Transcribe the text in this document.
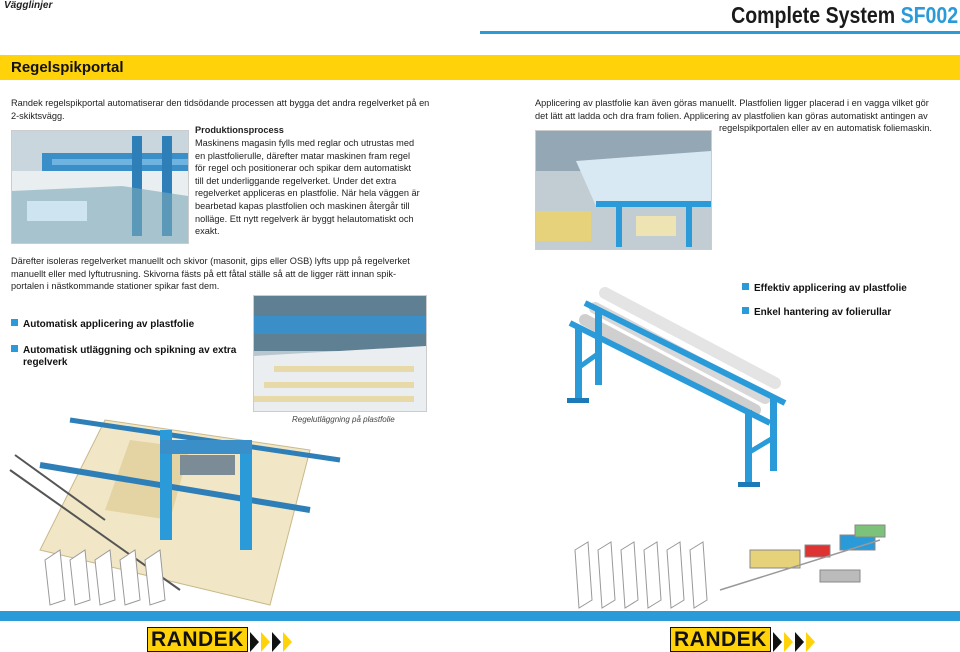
Vägglinjer	Complete System SF002
Regelspikportal
Randek regelspikportal automatiserar den tidsödande processen att bygga det andra regelverket på en 2-skiktsvägg.
Produktionsprocess
Maskinens magasin fylls med reglar och utrustas med
en plastfolierulle, därefter matar maskinen fram regel
för regel och positionerar och spikar dem automatiskt
till det underliggande regelverket. Under det extra
regelverket appliceras en plastfolie. När hela väggen är
bearbetad kapas plastfolien och maskinen återgår till
nolläge. Ett nytt regelverk är byggt helautomatiskt och
exakt.
Därefter isoleras regelverket manuellt och skivor (masonit, gips eller OSB) lyfts upp på regelverket
manuellt eller med lyftutrusning. Skivorna fästs på ett fåtal ställe så att de ligger rätt innan spik-
portalen i nästkommande stationer spikar fast dem.
Automatisk applicering av plastfolie
Automatisk utläggning och spikning av extra
regelverk
Regelutläggning på plastfolie
Applicering av plastfolie kan även göras manuellt. Plastfolien ligger placerad i en vagga vilket gör
det lätt att ladda och dra fram folien. Applicering av plastfolien kan göras automatiskt antingen av
regelspikportalen eller av en automatisk foliemaskin.
Effektiv applicering av plastfolie
Enkel hantering av folierullar
RANDEK	RANDEK
